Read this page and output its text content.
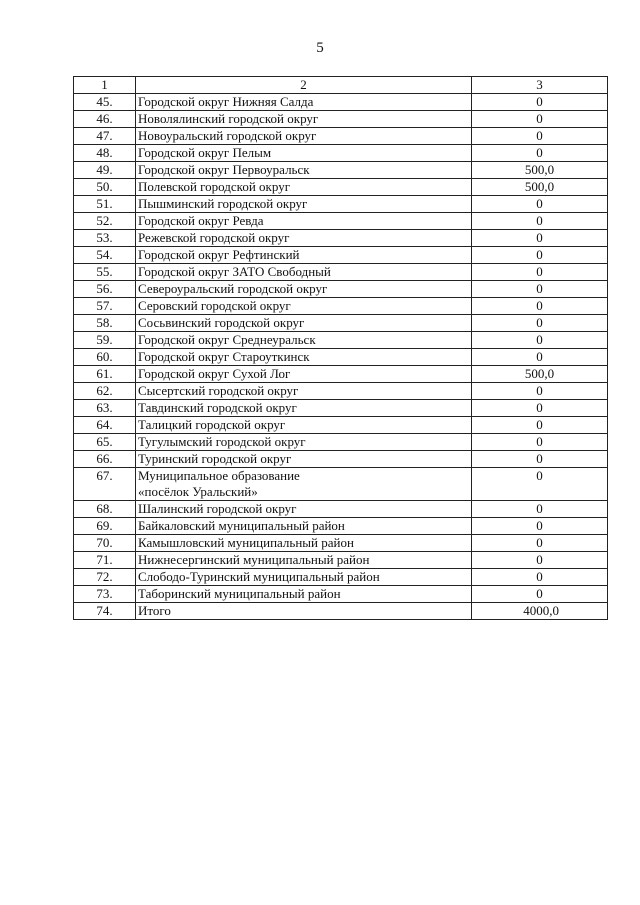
5
1	2	3
45.	Городской округ Нижняя Салда	0
46.	Новолялинский городской округ	0
47.	Новоуральский городской округ	0
48.	Городской округ Пелым	0
49.	Городской округ Первоуральск	500,0
50.	Полевской городской округ	500,0
51.	Пышминский городской округ	0
52.	Городской округ Ревда	0
53.	Режевской городской округ	0
54.	Городской округ Рефтинский	0
55.	Городской округ ЗАТО Свободный	0
56.	Североуральский городской округ	0
57.	Серовский городской округ	0
58.	Сосьвинский городской округ	0
59.	Городской округ Среднеуральск	0
60.	Городской округ Староуткинск	0
61.	Городской округ Сухой Лог	500,0
62.	Сысертский городской округ	0
63.	Тавдинский городской округ	0
64.	Талицкий городской округ	0
65.	Тугулымский городской округ	0
66.	Туринский городской округ	0
67.	Муниципальное образование
«посёлок Уральский»	0
68.	Шалинский городской округ	0
69.	Байкаловский муниципальный район	0
70.	Камышловский муниципальный район	0
71.	Нижнесергинский муниципальный район	0
72.	Слободо-Туринский муниципальный район	0
73.	Таборинский муниципальный район	0
74.	Итого	4000,0
